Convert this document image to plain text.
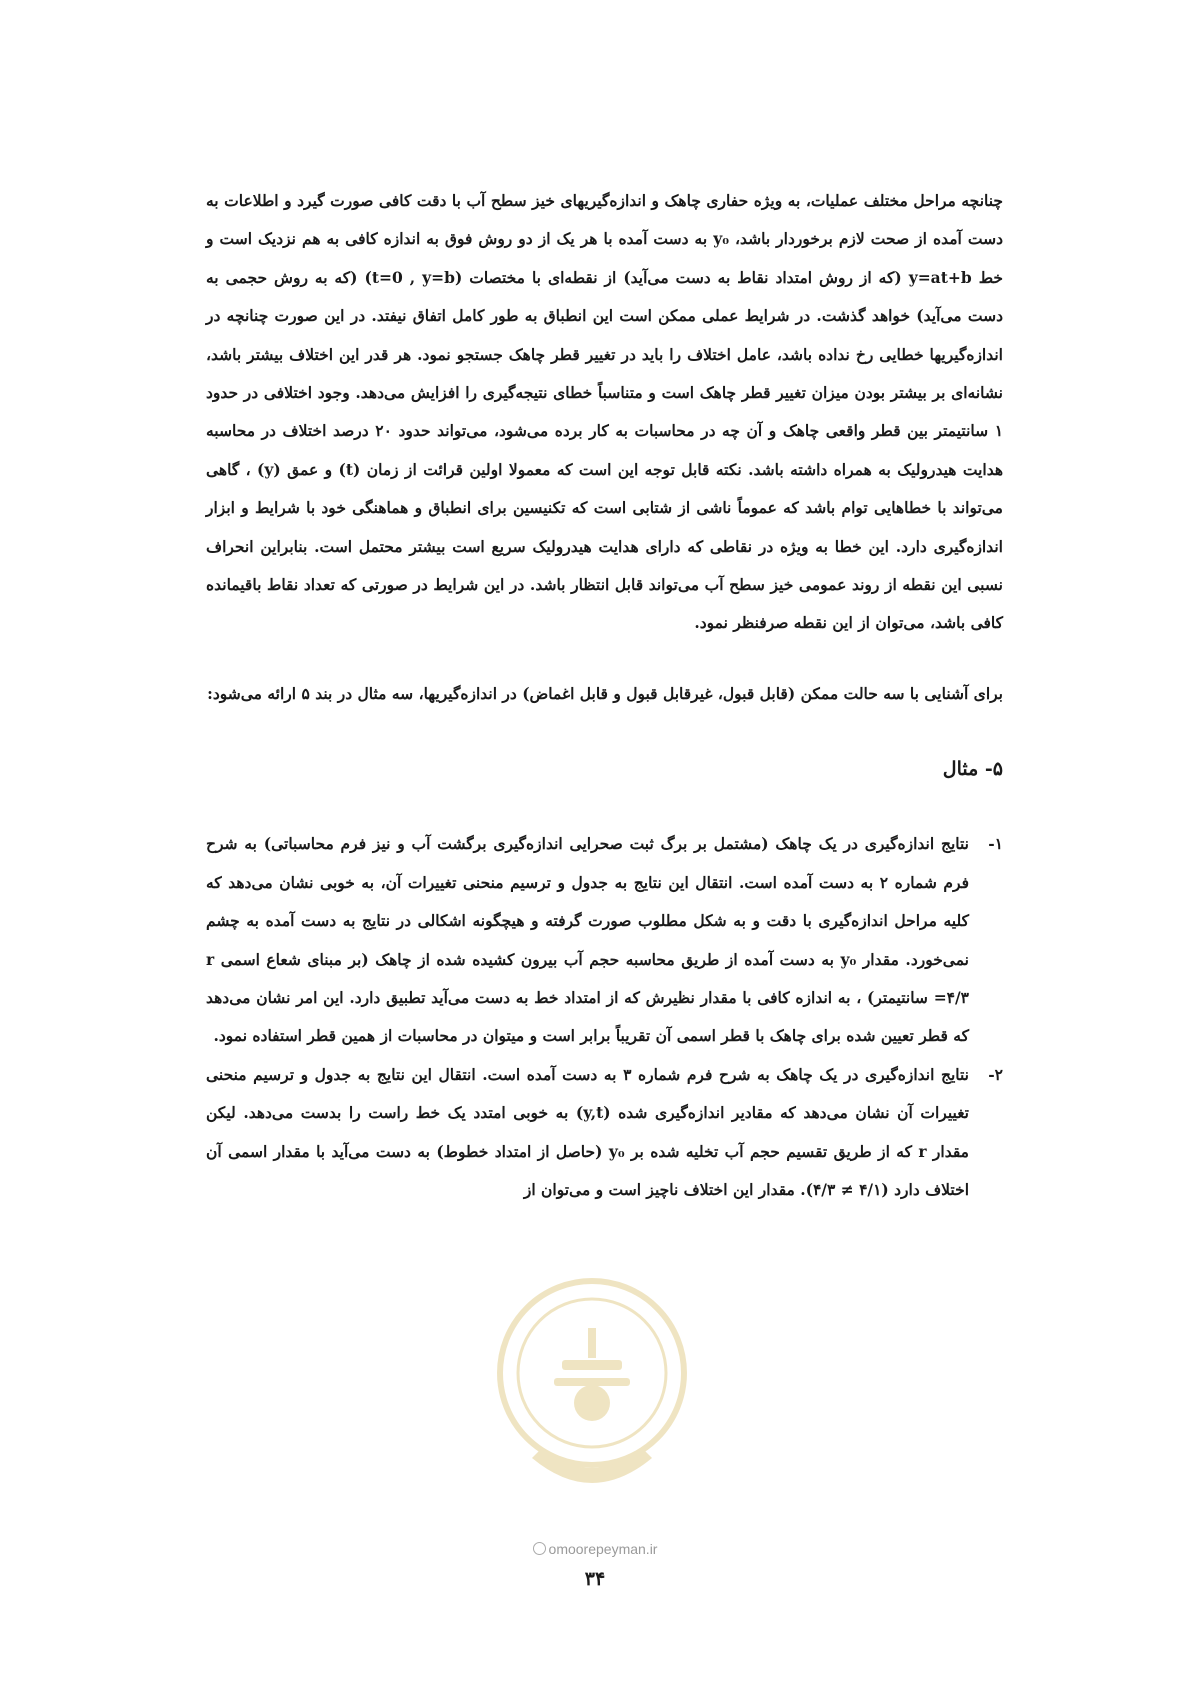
چنانچه مراحل مختلف عملیات، به ویژه حفاری چاهک و اندازه‌گیریهای خیز سطح آب با دقت کافی صورت گیرد و اطلاعات به دست آمده از صحت لازم برخوردار باشد، y₀ به دست آمده با هر یک از دو روش فوق به اندازه کافی به هم نزدیک است و خط y=at+b (که از روش امتداد نقاط به دست می‌آید) از نقطه‌ای با مختصات (t=0 , y=b) (که به روش حجمی به دست می‌آید) خواهد گذشت. در شرایط عملی ممکن است این انطباق به طور کامل اتفاق نیفتد. در این صورت چنانچه در اندازه‌گیریها خطایی رخ نداده باشد، عامل اختلاف را باید در تغییر قطر چاهک جستجو نمود. هر قدر این اختلاف بیشتر باشد، نشانه‌ای بر بیشتر بودن میزان تغییر قطر چاهک است و متناسباً خطای نتیجه‌گیری را افزایش می‌دهد. وجود اختلافی در حدود ۱ سانتیمتر بین قطر واقعی چاهک و آن چه در محاسبات به کار برده می‌شود، می‌تواند حدود ۲۰ درصد اختلاف در محاسبه هدایت هیدرولیک به همراه داشته باشد. نکته قابل توجه این است که معمولا اولین قرائت از زمان (t) و عمق (y) ، گاهی می‌تواند با خطاهایی توام باشد که عموماً ناشی از شتابی است که تکنیسین برای انطباق و هماهنگی خود با شرایط و ابزار اندازه‌گیری دارد. این خطا به ویژه در نقاطی که دارای هدایت هیدرولیک سریع است بیشتر محتمل است. بنابراین انحراف نسبی این نقطه از روند عمومی خیز سطح آب می‌تواند قابل انتظار باشد. در این شرایط در صورتی که تعداد نقاط باقیمانده کافی باشد، می‌توان از این نقطه صرفنظر نمود.

برای آشنایی با سه حالت ممکن (قابل قبول، غیرقابل قبول و قابل اغماض) در اندازه‌گیریها، سه مثال در بند ۵ ارائه می‌شود:

۵- مثال
۱-
نتایج اندازه‌گیری در یک چاهک (مشتمل بر برگ ثبت صحرایی اندازه‌گیری برگشت آب و نیز فرم محاسباتی) به شرح فرم شماره ۲ به دست آمده است. انتقال این نتایج به جدول و ترسیم منحنی تغییرات آن، به خوبی نشان می‌دهد که کلیه مراحل اندازه‌گیری با دقت و به شکل مطلوب صورت گرفته و هیچگونه اشکالی در نتایج به دست آمده به چشم نمی‌خورد. مقدار y₀ به دست آمده از طریق محاسبه حجم آب بیرون کشیده شده از چاهک (بر مبنای شعاع اسمی r =۴/۳ سانتیمتر) ، به اندازه کافی با مقدار نظیرش که از امتداد خط به دست می‌آید تطبیق دارد. این امر نشان می‌دهد که قطر تعیین شده برای چاهک با قطر اسمی آن تقریباً برابر است و میتوان در محاسبات از همین قطر استفاده نمود.
۲-
نتایج اندازه‌گیری در یک چاهک به شرح فرم شماره ۳ به دست آمده است. انتقال این نتایج به جدول و ترسیم منحنی تغییرات آن نشان می‌دهد که مقادیر اندازه‌گیری شده (y,t) به خوبی امتدد یک خط راست را بدست می‌دهد. لیکن مقدار r که از طریق تقسیم حجم آب تخلیه شده بر y₀ (حاصل از امتداد خطوط) به دست می‌آید با مقدار اسمی آن اختلاف دارد (۴/۱ ≠ ۴/۳). مقدار این اختلاف ناچیز است و می‌توان از
omoorepeyman.ir
۳۴
